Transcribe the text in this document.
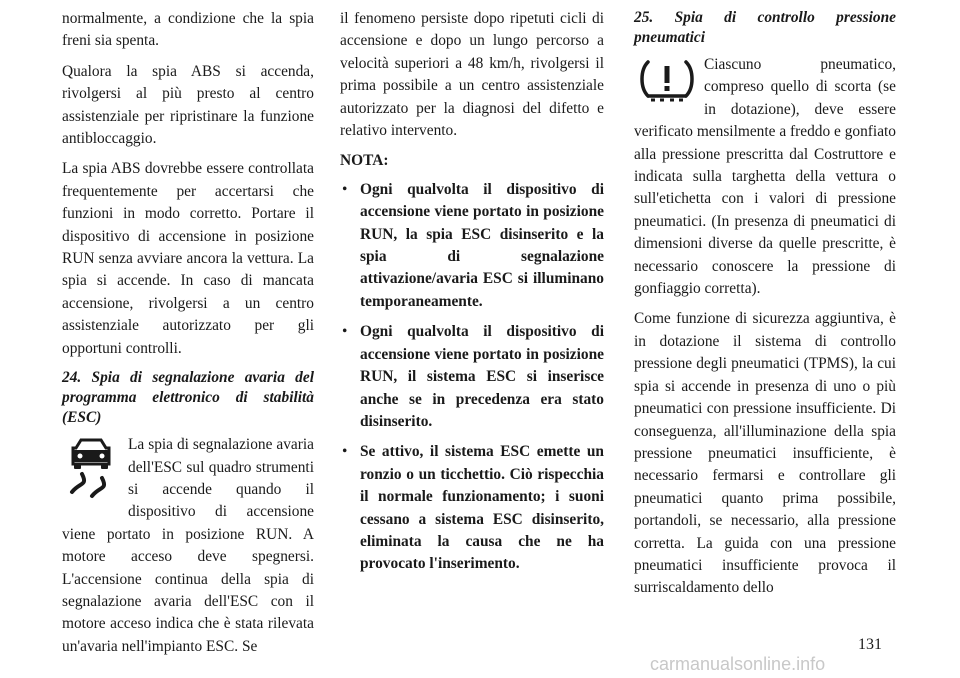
normalmente, a condizione che la spia freni sia spenta.

Qualora la spia ABS si accenda, rivolgersi al più presto al centro assistenziale per ripristinare la funzione antibloccaggio.

La spia ABS dovrebbe essere controllata frequentemente per accertarsi che funzioni in modo corretto. Portare il dispositivo di accensione in posizione RUN senza avviare ancora la vettura. La spia si accende. In caso di mancata accensione, rivolgersi a un centro assistenziale autorizzato per gli opportuni controlli.

24. Spia di segnalazione avaria del programma elettronico di stabilità (ESC)

La spia di segnalazione avaria dell'ESC sul quadro strumenti si accende quando il dispositivo di accensione viene portato in posizione RUN. A motore acceso deve spegnersi. L'accensione continua della spia di segnalazione avaria dell'ESC con il motore acceso indica che è stata rilevata un'avaria nell'impianto ESC. Se

il fenomeno persiste dopo ripetuti cicli di accensione e dopo un lungo percorso a velocità superiori a 48 km/h, rivolgersi il prima possibile a un centro assistenziale autorizzato per la diagnosi del difetto e relativo intervento.

NOTA:
• Ogni qualvolta il dispositivo di accensione viene portato in posizione RUN, la spia ESC disinserito e la spia di segnalazione attivazione/avaria ESC si illuminano temporaneamente.
• Ogni qualvolta il dispositivo di accensione viene portato in posizione RUN, il sistema ESC si inserisce anche se in precedenza era stato disinserito.
• Se attivo, il sistema ESC emette un ronzio o un ticchettio. Ciò rispecchia il normale funzionamento; i suoni cessano a sistema ESC disinserito, eliminata la causa che ne ha provocato l'inserimento.
25. Spia di controllo pressione pneumatici

Ciascuno pneumatico, compreso quello di scorta (se in dotazione), deve essere verificato mensilmente a freddo e gonfiato alla pressione prescritta dal Costruttore e indicata sulla targhetta della vettura o sull'etichetta con i valori di pressione pneumatici. (In presenza di pneumatici di dimensioni diverse da quelle prescritte, è necessario conoscere la pressione di gonfiaggio corretta).

Come funzione di sicurezza aggiuntiva, è in dotazione il sistema di controllo pressione degli pneumatici (TPMS), la cui spia si accende in presenza di uno o più pneumatici con pressione insufficiente. Di conseguenza, all'illuminazione della spia pressione pneumatici insufficiente, è necessario fermarsi e controllare gli pneumatici quanto prima possibile, portandoli, se necessario, alla pressione corretta. La guida con una pressione pneumatici insufficiente provoca il surriscaldamento dello

131
carmanualsonline.info
